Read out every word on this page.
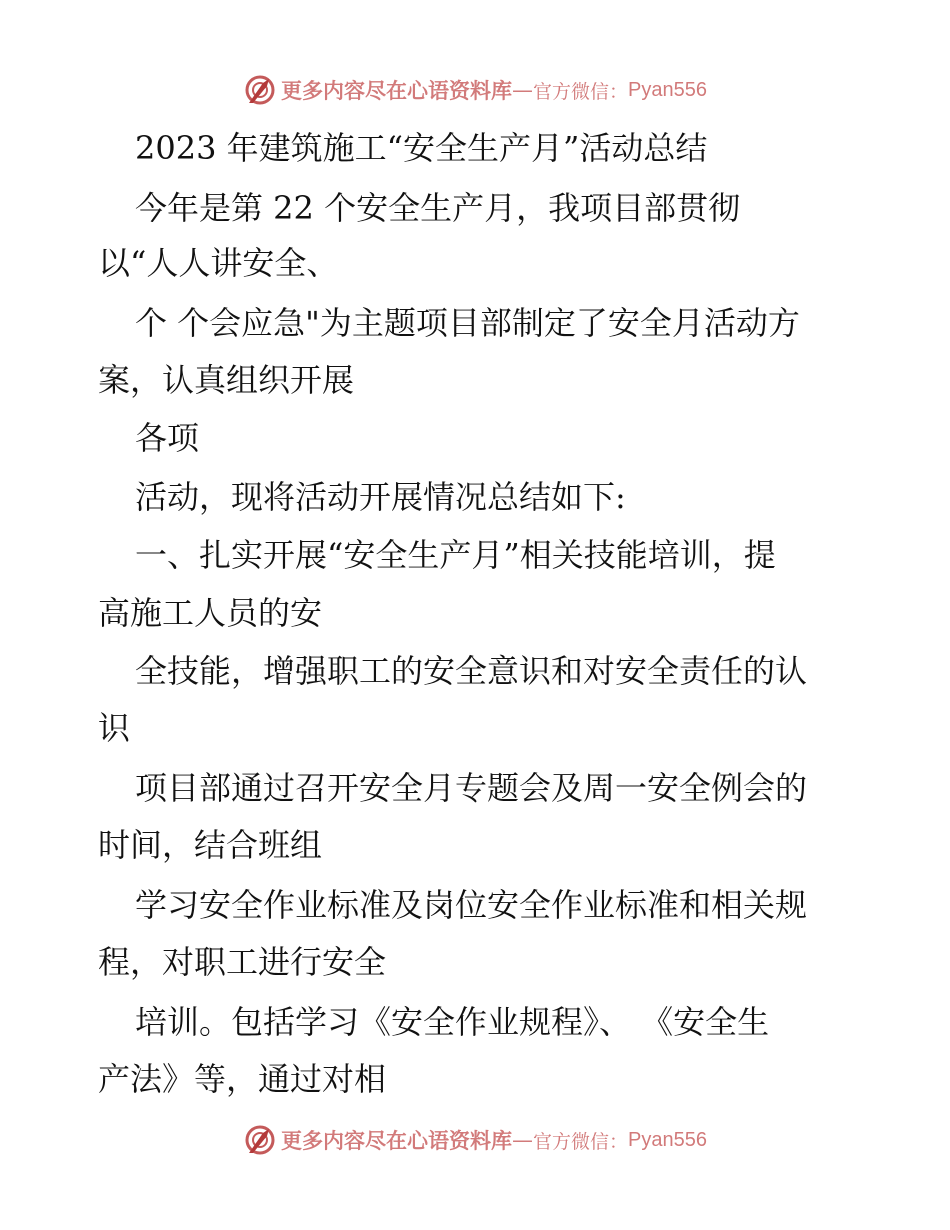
更多内容尽在心语资料库 — 官方微信： Pyan556
2023 年建筑施工“安全生产月”活动总结
今年是第 22 个安全生产月，我项目部贯彻
以“人人讲安全、
个 个会应急"为主题项目部制定了安全月活动方
案，认真组织开展
各项
活动，现将活动开展情况总结如下:
一、扎实开展“安全生产月”相关技能培训，提
高施工人员的安
全技能，增强职工的安全意识和对安全责任的认
识
项目部通过召开安全月专题会及周一安全例会的
时间，结合班组
学习安全作业标准及岗位安全作业标准和相关规
程，对职工进行安全
培训。包括学习《安全作业规程》、 《安全生
产法》等，通过对相
更多内容尽在心语资料库 — 官方微信： Pyan556
